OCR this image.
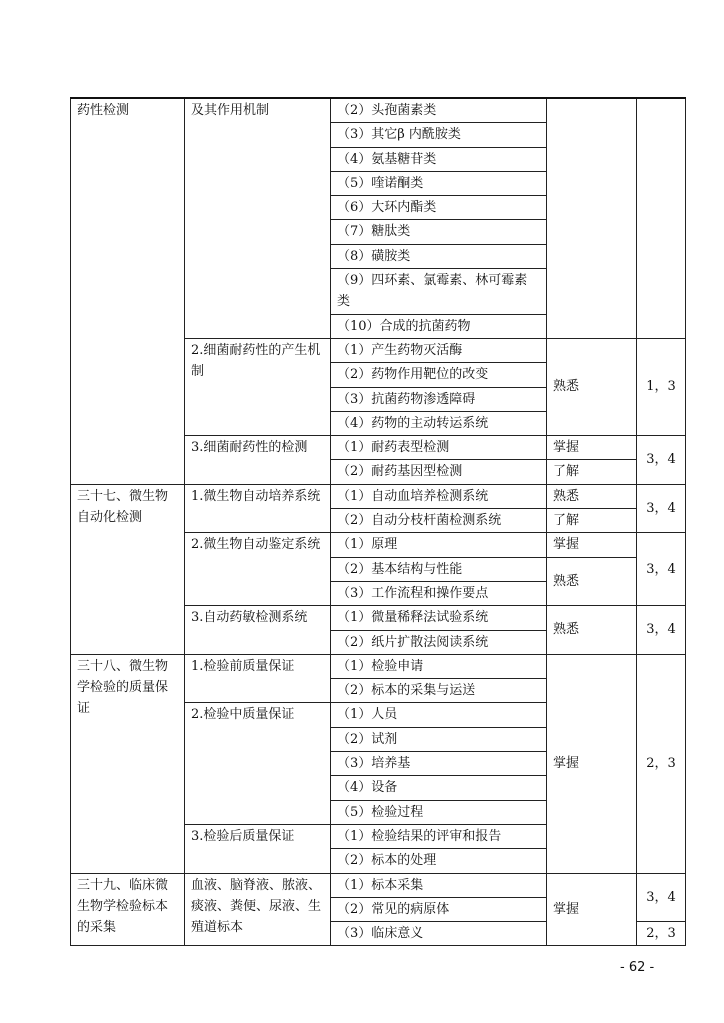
药性检测	及其作用机制	（2）头孢菌素类		
		（3）其它β 内酰胺类		
		（4）氨基糖苷类		
		（5）喹诺酮类		
		（6）大环内酯类		
		（7）糖肽类		
		（8）磺胺类		
		（9）四环素、氯霉素、林可霉素类		
		（10）合成的抗菌药物		
	2.细菌耐药性的产生机制	（1）产生药物灭活酶	熟悉	1，3
		（2）药物作用靶位的改变		
		（3）抗菌药物渗透障碍		
		（4）药物的主动转运系统		
	3.细菌耐药性的检测	（1）耐药表型检测	掌握	3，4
		（2）耐药基因型检测	了解	
三十七、微生物自动化检测	1.微生物自动培养系统	（1）自动血培养检测系统	熟悉	3，4
		（2）自动分枝杆菌检测系统	了解	
	2.微生物自动鉴定系统	（1）原理	掌握	3，4
		（2）基本结构与性能	熟悉	
		（3）工作流程和操作要点		
	3.自动药敏检测系统	（1）微量稀释法试验系统	熟悉	3，4
		（2）纸片扩散法阅读系统		
三十八、微生物学检验的质量保证	1.检验前质量保证	（1）检验申请	掌握	2，3
		（2）标本的采集与运送		
	2.检验中质量保证	（1）人员		
		（2）试剂		
		（3）培养基		
		（4）设备		
		（5）检验过程		
	3.检验后质量保证	（1）检验结果的评审和报告		
		（2）标本的处理		
三十九、临床微生物学检验标本的采集	血液、脑脊液、脓液、痰液、粪便、尿液、生殖道标本	（1）标本采集	掌握	3，4
		（2）常见的病原体		
		（3）临床意义		2，3
- 62 -
